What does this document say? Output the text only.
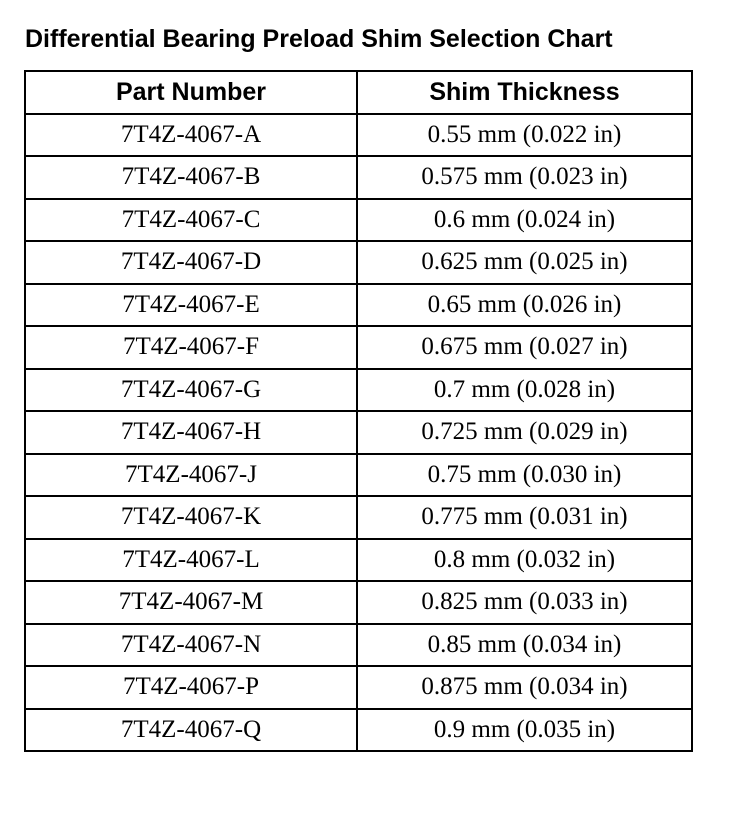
Differential Bearing Preload Shim Selection Chart
Part Number	Shim Thickness
7T4Z-4067-A	0.55 mm (0.022 in)
7T4Z-4067-B	0.575 mm (0.023 in)
7T4Z-4067-C	0.6 mm (0.024 in)
7T4Z-4067-D	0.625 mm (0.025 in)
7T4Z-4067-E	0.65 mm (0.026 in)
7T4Z-4067-F	0.675 mm (0.027 in)
7T4Z-4067-G	0.7 mm (0.028 in)
7T4Z-4067-H	0.725 mm (0.029 in)
7T4Z-4067-J	0.75 mm (0.030 in)
7T4Z-4067-K	0.775 mm (0.031 in)
7T4Z-4067-L	0.8 mm (0.032 in)
7T4Z-4067-M	0.825 mm (0.033 in)
7T4Z-4067-N	0.85 mm (0.034 in)
7T4Z-4067-P	0.875 mm (0.034 in)
7T4Z-4067-Q	0.9 mm (0.035 in)
